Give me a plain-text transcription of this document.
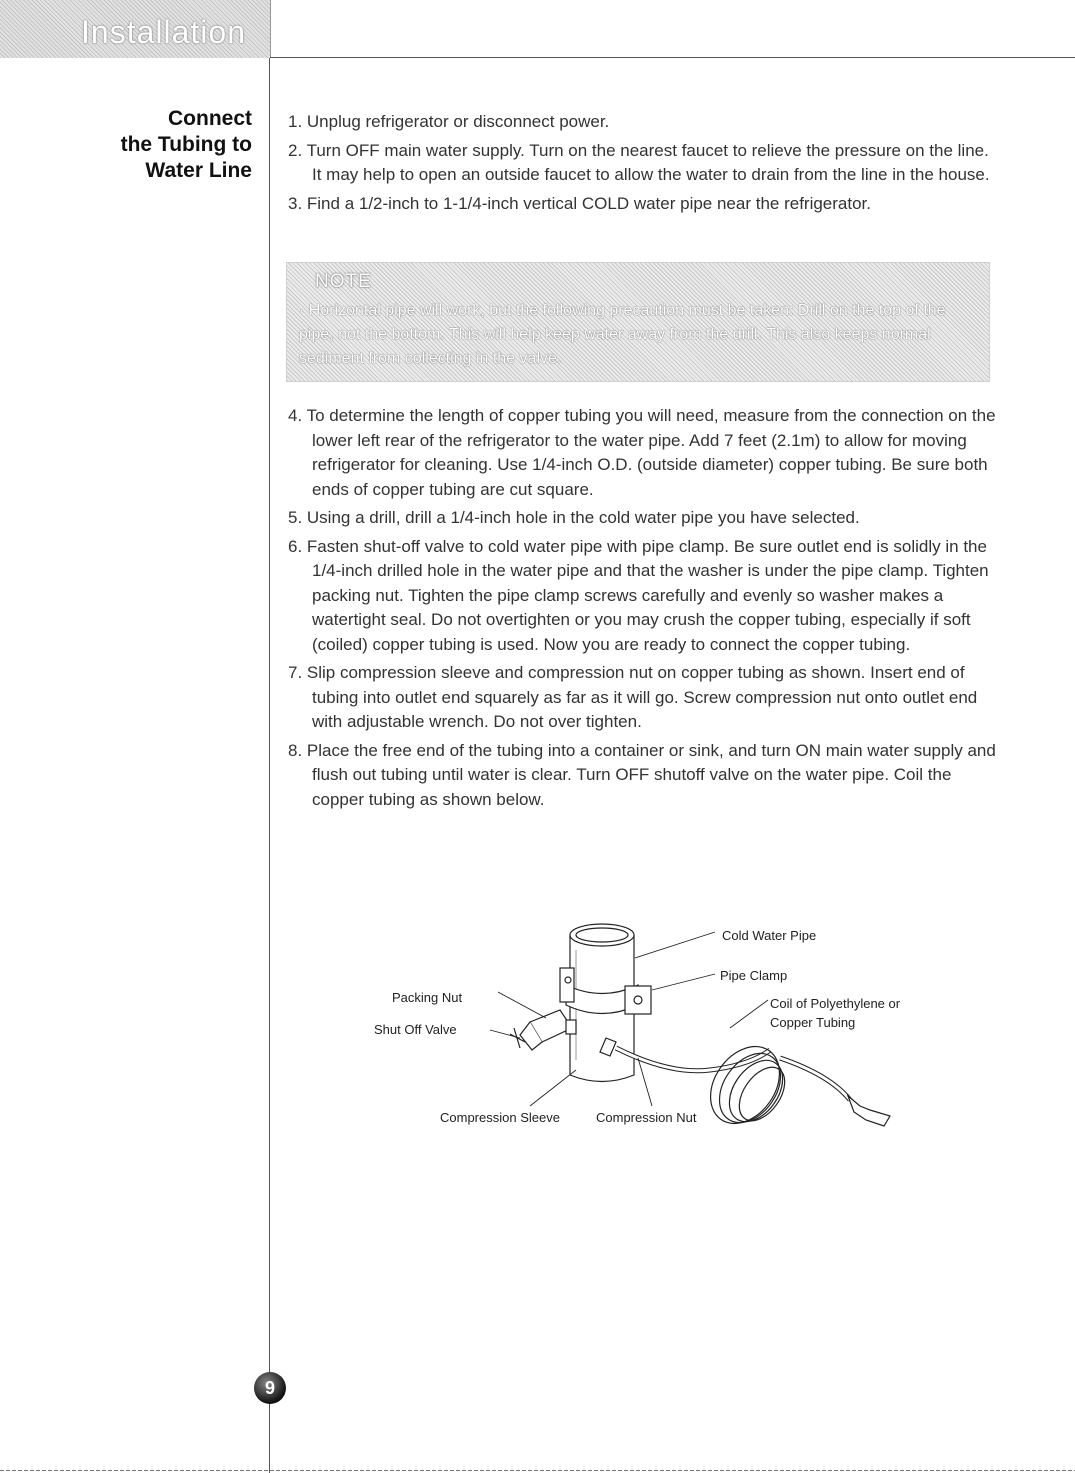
Installation
Connect
the Tubing to
Water Line

1. Unplug refrigerator or disconnect power.

2. Turn OFF main water supply. Turn on the nearest faucet to relieve the pressure on the line. It may help to open an outside faucet to allow the water to drain from the line in the house.

3. Find a 1/2-inch to 1-1/4-inch vertical COLD water pipe near the refrigerator.

NOTE
· Horizontal pipe will work, but the following precaution must be taken: Drill on the top of the pipe, not the bottom. This will help keep water away from the drill. This also keeps normal sediment from collecting in the valve.

4. To determine the length of copper tubing you will need, measure from the connection on the lower left rear of the refrigerator to the water pipe. Add 7 feet (2.1m) to allow for moving refrigerator for cleaning. Use 1/4-inch O.D. (outside diameter) copper tubing. Be sure both ends of copper tubing are cut square.

5. Using a drill, drill a 1/4-inch hole in the cold water pipe you have selected.

6. Fasten shut-off valve to cold water pipe with pipe clamp. Be sure outlet end is solidly in the 1/4-inch drilled hole in the water pipe and that the washer is under the pipe clamp. Tighten packing nut. Tighten the pipe clamp screws carefully and evenly so washer makes a watertight seal. Do not overtighten or you may crush the copper tubing, especially if soft (coiled) copper tubing is used. Now you are ready to connect the copper tubing.

7. Slip compression sleeve and compression nut on copper tubing as shown. Insert end of tubing into outlet end squarely as far as it will go. Screw compression nut onto outlet end with adjustable wrench. Do not over tighten.

8. Place the free end of the tubing into a container or sink, and turn ON main water supply and flush out tubing until water is clear. Turn OFF shutoff valve on the water pipe. Coil the copper tubing as shown below.

Cold Water Pipe
Pipe Clamp
Packing Nut
Shut Off Valve
Coil of Polyethylene or
Copper Tubing
Compression Sleeve	Compression Nut
9
